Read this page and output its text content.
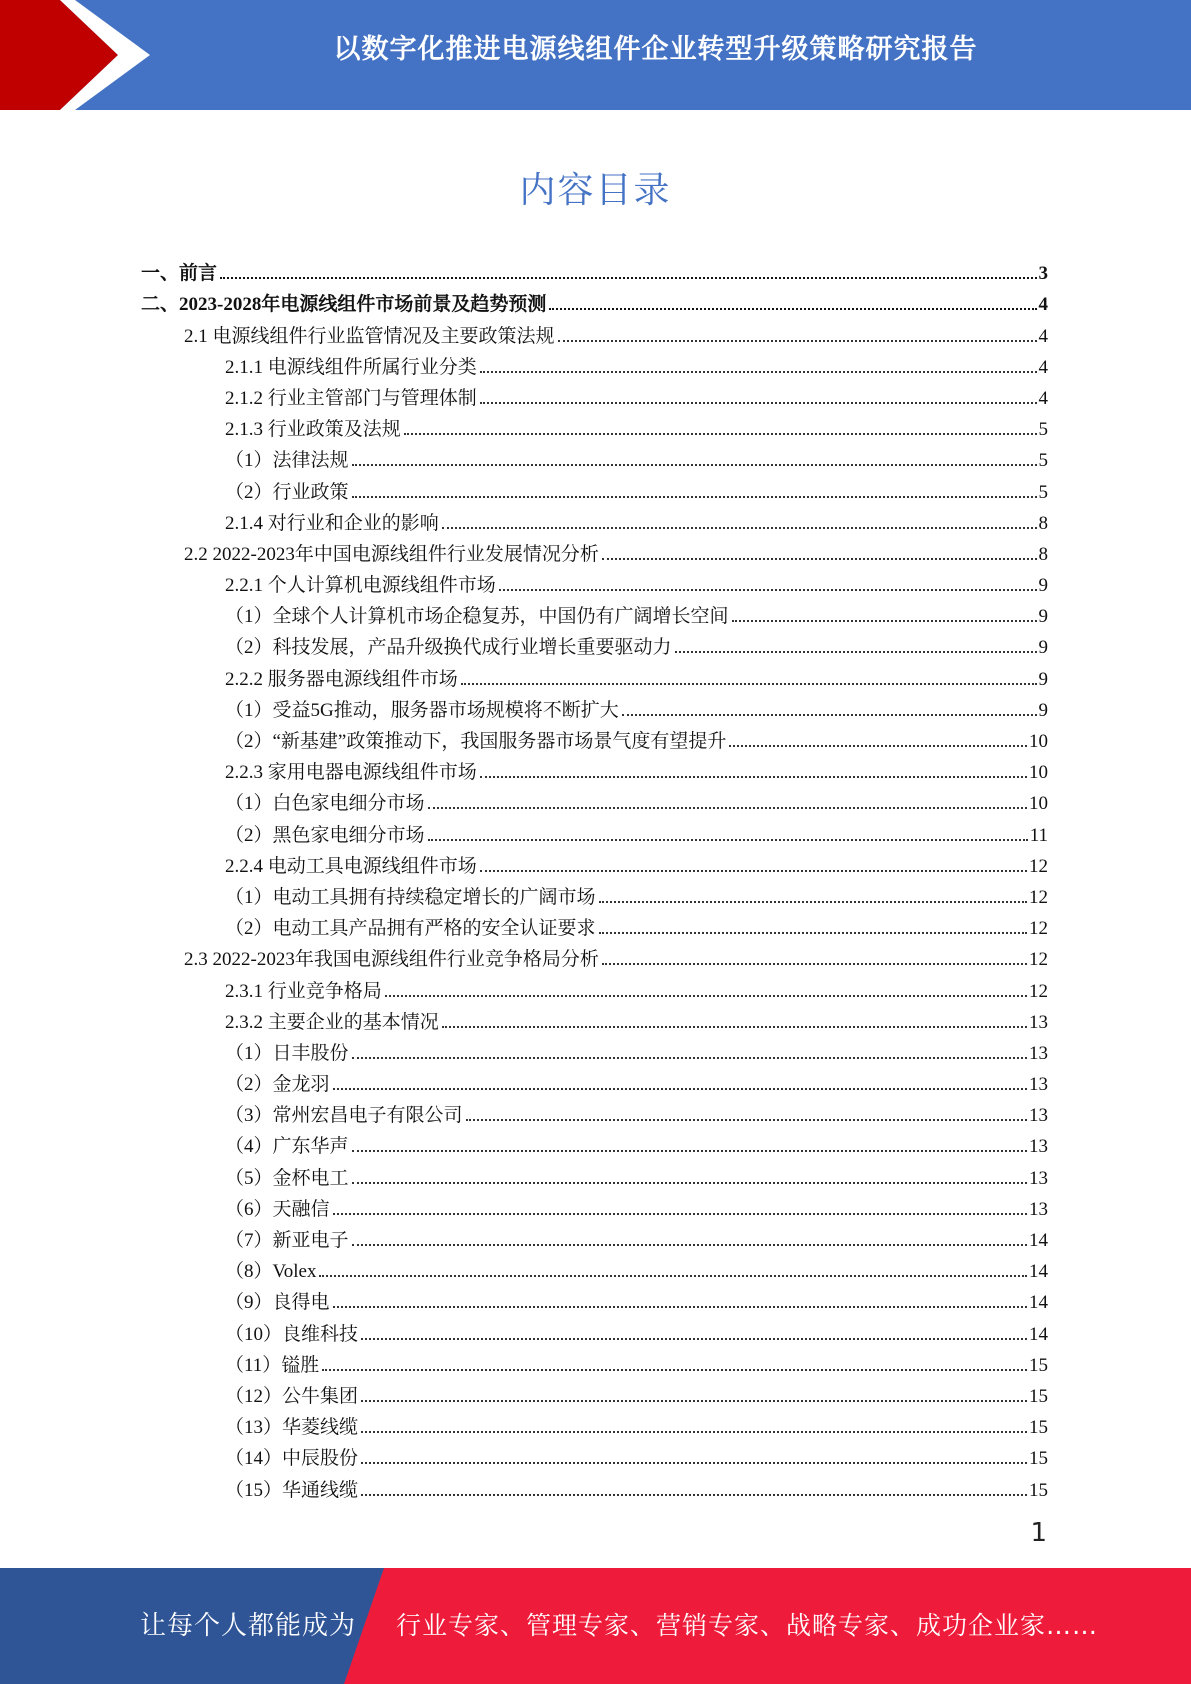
以数字化推进电源线组件企业转型升级策略研究报告
内容目录
一、前言	3
二、2023-2028年电源线组件市场前景及趋势预测	4
2.1 电源线组件行业监管情况及主要政策法规	4
2.1.1 电源线组件所属行业分类	4
2.1.2 行业主管部门与管理体制	4
2.1.3 行业政策及法规	5
（1）法律法规	5
（2）行业政策	5
2.1.4 对行业和企业的影响	8
2.2 2022-2023年中国电源线组件行业发展情况分析	8
2.2.1 个人计算机电源线组件市场	9
（1）全球个人计算机市场企稳复苏，中国仍有广阔增长空间	9
（2）科技发展，产品升级换代成行业增长重要驱动力	9
2.2.2 服务器电源线组件市场	9
（1）受益5G推动，服务器市场规模将不断扩大	9
（2）“新基建”政策推动下，我国服务器市场景气度有望提升	10
2.2.3 家用电器电源线组件市场	10
（1）白色家电细分市场	10
（2）黑色家电细分市场	11
2.2.4 电动工具电源线组件市场	12
（1）电动工具拥有持续稳定增长的广阔市场	12
（2）电动工具产品拥有严格的安全认证要求	12
2.3 2022-2023年我国电源线组件行业竞争格局分析	12
2.3.1 行业竞争格局	12
2.3.2 主要企业的基本情况	13
（1）日丰股份	13
（2）金龙羽	13
（3）常州宏昌电子有限公司	13
（4）广东华声	13
（5）金杯电工	13
（6）天融信	13
（7）新亚电子	14
（8）Volex	14
（9）良得电	14
（10）良维科技	14
（11）镒胜	15
（12）公牛集团	15
（13）华菱线缆	15
（14）中辰股份	15
（15）华通线缆	15
1
让每个人都能成为 行业专家、管理专家、营销专家、战略专家、成功企业家……
